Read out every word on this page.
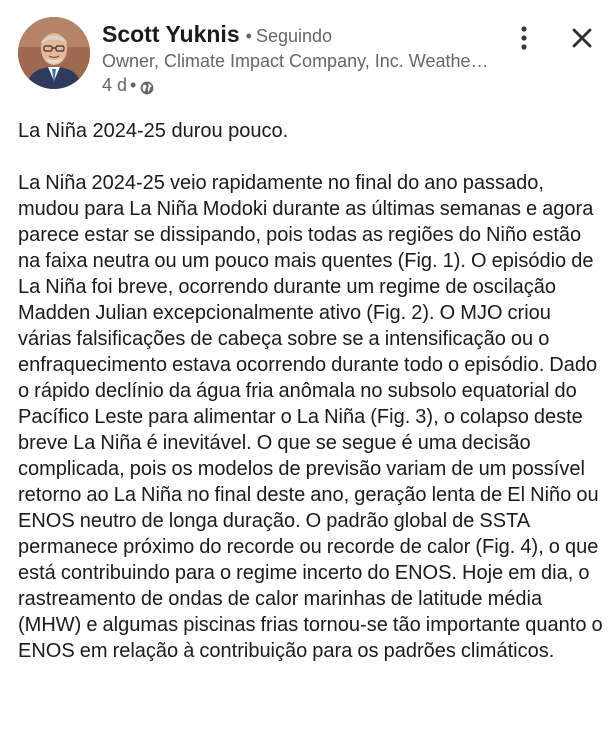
Scott Yuknis • Seguindo
Owner, Climate Impact Company, Inc. Weathe…
4 d •

La Niña 2024-25 durou pouco.

La Niña 2024-25 veio rapidamente no final do ano passado, mudou para La Niña Modoki durante as últimas semanas e agora parece estar se dissipando, pois todas as regiões do Niño estão na faixa neutra ou um pouco mais quentes (Fig. 1). O episódio de La Niña foi breve, ocorrendo durante um regime de oscilação Madden Julian excepcionalmente ativo (Fig. 2). O MJO criou várias falsificações de cabeça sobre se a intensificação ou o enfraquecimento estava ocorrendo durante todo o episódio. Dado o rápido declínio da água fria anômala no subsolo equatorial do Pacífico Leste para alimentar o La Niña (Fig. 3), o colapso deste breve La Niña é inevitável. O que se segue é uma decisão complicada, pois os modelos de previsão variam de um possível retorno ao La Niña no final deste ano, geração lenta de El Niño ou ENOS neutro de longa duração. O padrão global de SSTA permanece próximo do recorde ou recorde de calor (Fig. 4), o que está contribuindo para o regime incerto do ENOS. Hoje em dia, o rastreamento de ondas de calor marinhas de latitude média (MHW) e algumas piscinas frias tornou-se tão importante quanto o ENOS em relação à contribuição para os padrões climáticos.
